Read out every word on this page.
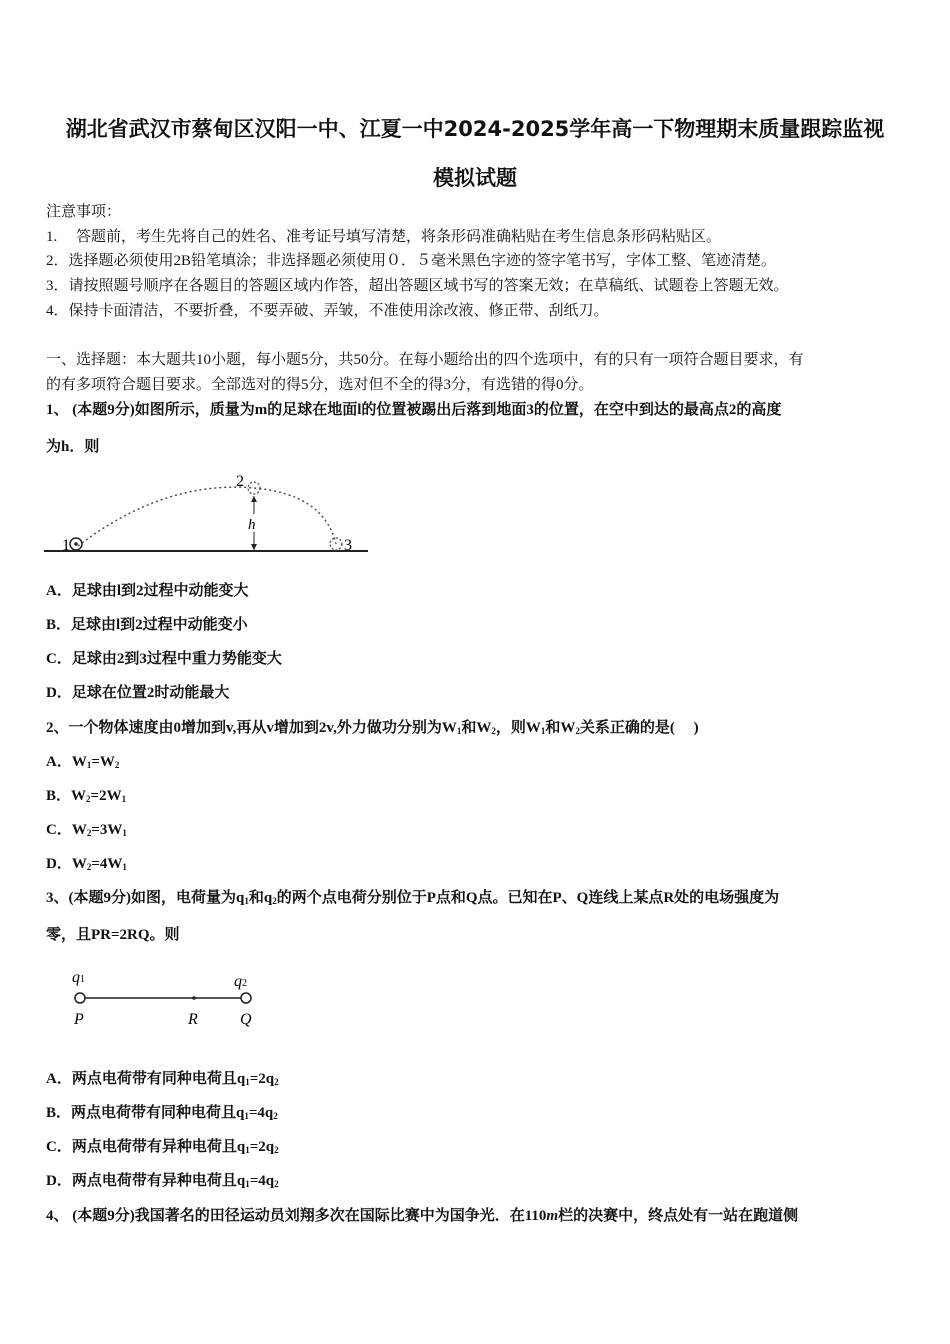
湖北省武汉市蔡甸区汉阳一中、江夏一中2024-2025学年高一下物理期末质量跟踪监视
模拟试题
注意事项：
1.　 答题前，考生先将自己的姓名、准考证号填写清楚，将条形码准确粘贴在考生信息条形码粘贴区。
2．选择题必须使用2B铅笔填涂；非选择题必须使用０．５毫米黑色字迹的签字笔书写，字体工整、笔迹清楚。
3．请按照题号顺序在各题目的答题区域内作答，超出答题区域书写的答案无效；在草稿纸、试题卷上答题无效。
4．保持卡面清洁，不要折叠，不要弄破、弄皱，不准使用涂改液、修正带、刮纸刀。
一、选择题：本大题共10小题，每小题5分，共50分。在每小题给出的四个选项中，有的只有一项符合题目要求，有
的有多项符合题目要求。全部选对的得5分，选对但不全的得3分，有选错的得0分。
1、 (本题9分)如图所示，质量为m的足球在地面l的位置被踢出后落到地面3的位置，在空中到达的最高点2的高度
为h．则
1
2
3
h
A．足球由l到2过程中动能变大
B．足球由l到2过程中动能变小
C．足球由2到3过程中重力势能变大
D．足球在位置2时动能最大
2、一个物体速度由0增加到v,再从v增加到2v,外力做功分别为$W_1$和$W_2$，则$W_1$和$W_2$关系正确的是(　 )
A．$W_1=W_2$
B．$W_2=2W_1$
C．$W_2=3W_1$
D．$W_2=4W_1$
3、(本题9分)如图，电荷量为$q_1$和$q_2$的两个点电荷分别位于P点和Q点。已知在P、Q连线上某点R处的电场强度为
零，且PR=2RQ。则
q1	q2
P	R	Q
A．两点电荷带有同种电荷且$q_1=2q_2$
B．两点电荷带有同种电荷且$q_1=4q_2$
C．两点电荷带有异种电荷且$q_1=2q_2$
D．两点电荷带有异种电荷且$q_1=4q_2$
4、 (本题9分)我国著名的田径运动员刘翔多次在国际比赛中为国争光．在110m栏的决赛中，终点处有一站在跑道侧
